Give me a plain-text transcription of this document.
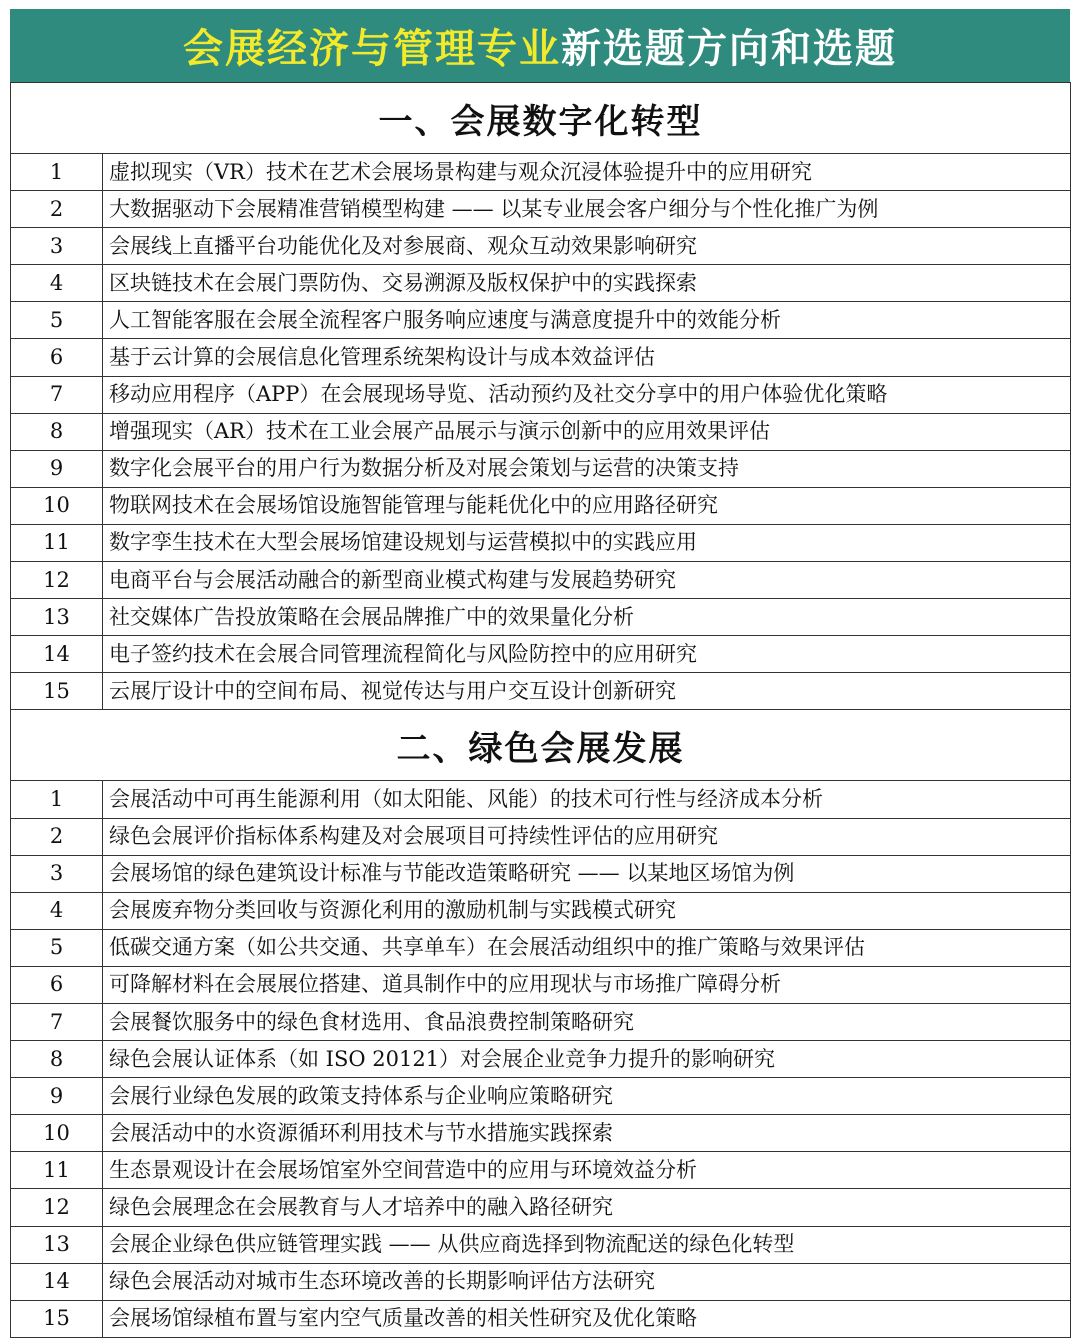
会展经济与管理专业 新选题方向和选题
一、会展数字化转型	
1	虚拟现实（VR）技术在艺术会展场景构建与观众沉浸体验提升中的应用研究
2	大数据驱动下会展精准营销模型构建 —— 以某专业展会客户细分与个性化推广为例
3	会展线上直播平台功能优化及对参展商、观众互动效果影响研究
4	区块链技术在会展门票防伪、交易溯源及版权保护中的实践探索
5	人工智能客服在会展全流程客户服务响应速度与满意度提升中的效能分析
6	基于云计算的会展信息化管理系统架构设计与成本效益评估
7	移动应用程序（APP）在会展现场导览、活动预约及社交分享中的用户体验优化策略
8	增强现实（AR）技术在工业会展产品展示与演示创新中的应用效果评估
9	数字化会展平台的用户行为数据分析及对展会策划与运营的决策支持
10	物联网技术在会展场馆设施智能管理与能耗优化中的应用路径研究
11	数字孪生技术在大型会展场馆建设规划与运营模拟中的实践应用
12	电商平台与会展活动融合的新型商业模式构建与发展趋势研究
13	社交媒体广告投放策略在会展品牌推广中的效果量化分析
14	电子签约技术在会展合同管理流程简化与风险防控中的应用研究
15	云展厅设计中的空间布局、视觉传达与用户交互设计创新研究
二、绿色会展发展	
1	会展活动中可再生能源利用（如太阳能、风能）的技术可行性与经济成本分析
2	绿色会展评价指标体系构建及对会展项目可持续性评估的应用研究
3	会展场馆的绿色建筑设计标准与节能改造策略研究 —— 以某地区场馆为例
4	会展废弃物分类回收与资源化利用的激励机制与实践模式研究
5	低碳交通方案（如公共交通、共享单车）在会展活动组织中的推广策略与效果评估
6	可降解材料在会展展位搭建、道具制作中的应用现状与市场推广障碍分析
7	会展餐饮服务中的绿色食材选用、食品浪费控制策略研究
8	绿色会展认证体系（如 ISO 20121）对会展企业竞争力提升的影响研究
9	会展行业绿色发展的政策支持体系与企业响应策略研究
10	会展活动中的水资源循环利用技术与节水措施实践探索
11	生态景观设计在会展场馆室外空间营造中的应用与环境效益分析
12	绿色会展理念在会展教育与人才培养中的融入路径研究
13	会展企业绿色供应链管理实践 —— 从供应商选择到物流配送的绿色化转型
14	绿色会展活动对城市生态环境改善的长期影响评估方法研究
15	会展场馆绿植布置与室内空气质量改善的相关性研究及优化策略
